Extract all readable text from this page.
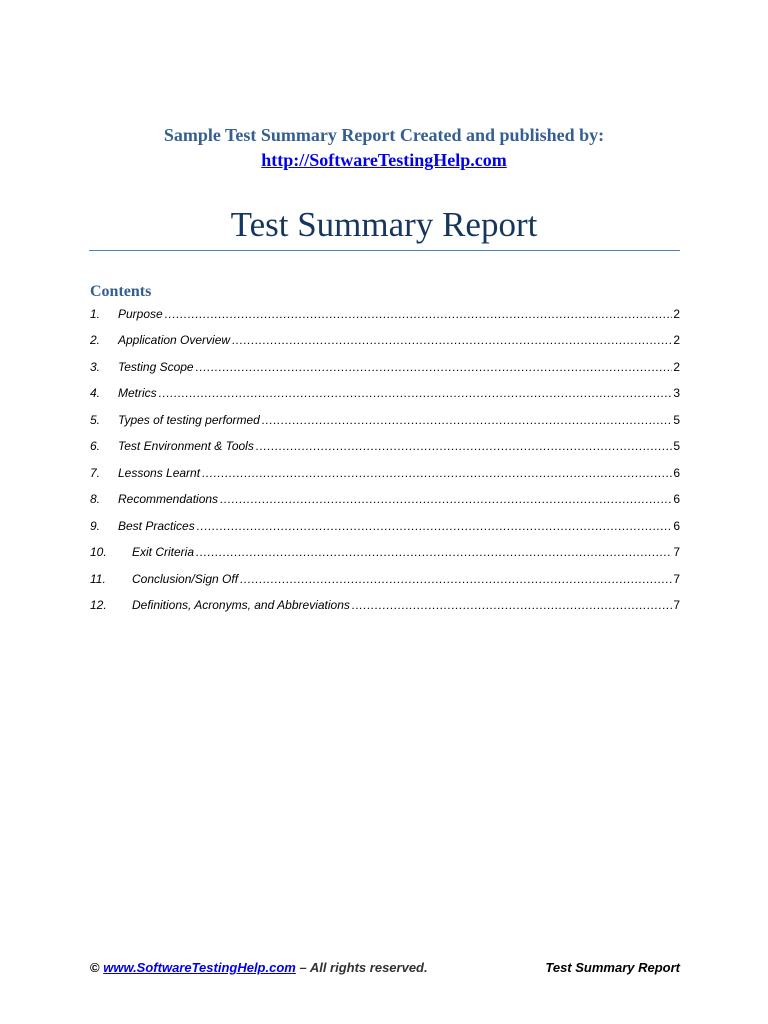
Sample Test Summary Report Created and published by:
http://SoftwareTestingHelp.com
Test Summary Report
Contents
1.	Purpose .....	2
2.	Application Overview .....	2
3.	Testing Scope .....	2
4.	Metrics .....	3
5.	Types of testing performed .....	5
6.	Test Environment & Tools .....	5
7.	Lessons Learnt .....	6
8.	Recommendations .....	6
9.	Best Practices .....	6
10.	Exit Criteria .....	7
11.	Conclusion/Sign Off .....	7
12.	Definitions, Acronyms, and Abbreviations .....	7
© www.SoftwareTestingHelp.com – All rights reserved.	Test Summary Report
